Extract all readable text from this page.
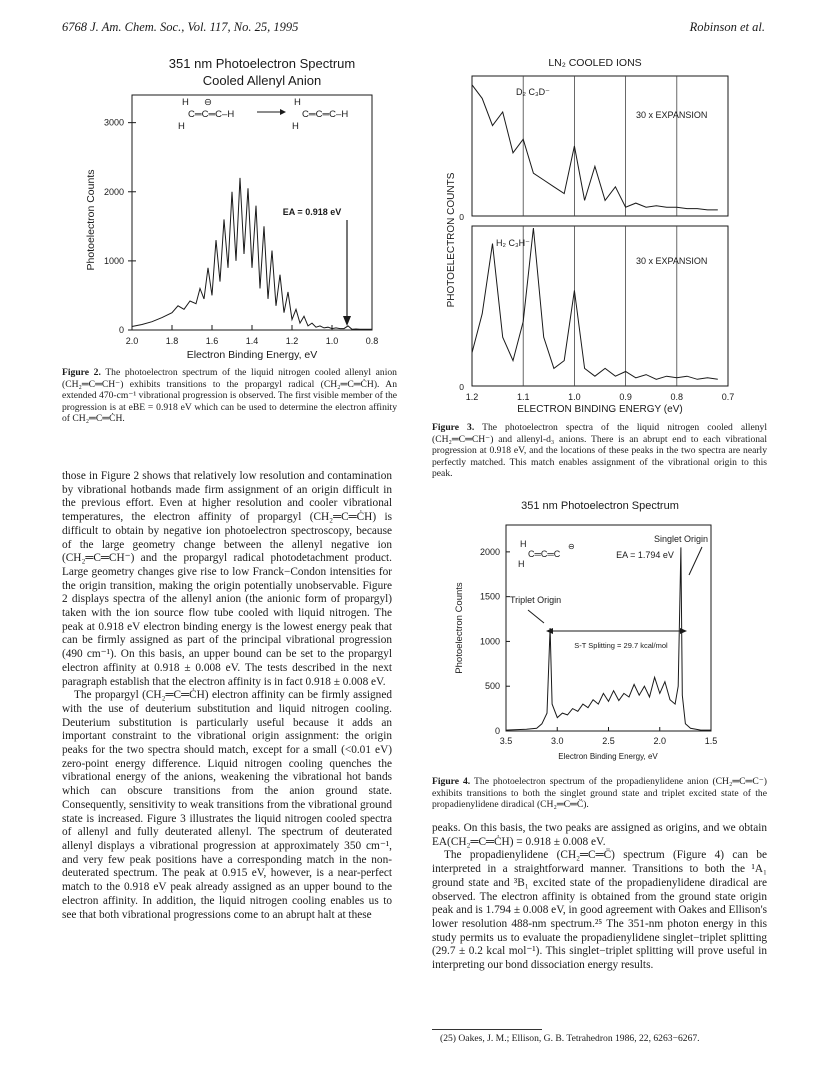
6768 J. Am. Chem. Soc., Vol. 117, No. 25, 1995	Robinson et al.
351 nm Photoelectron Spectrum
Cooled Allenyl Anion
H ⊖
C═C═C–H
H
H
C═C═C–H
H
2.0	1.8	1.6	1.4	1.2	1.0	0.8
0
1000
2000
3000
EA = 0.918 eV
Photoelectron Counts
Electron Binding Energy, eV
Figure 2. The photoelectron spectrum of the liquid nitrogen cooled allenyl anion (CH₂═C═CH⁻) exhibits transitions to the propargyl radical (CH₂═C═ĊH). An extended 470-cm⁻¹ vibrational progression is observed. The first visible member of the progression is at eBE = 0.918 eV which can be used to determine the electron affinity of CH₂═C═ĊH.

those in Figure 2 shows that relatively low resolution and contamination by vibrational hotbands made firm assignment of an origin difficult in the previous effort. Even at higher resolution and cooler vibrational temperatures, the electron affinity of propargyl (CH₂═C═ĊH) is difficult to obtain by negative ion photoelectron spectroscopy, because of the large geometry change between the allenyl negative ion (CH₂═C═CH⁻) and the propargyl radical photodetachment product. Large geometry changes give rise to low Franck−Condon intensities for the origin transition, making the origin potentially unobservable. Figure 2 displays spectra of the allenyl anion (the anionic form of propargyl) taken with the ion source flow tube cooled with liquid nitrogen. The peak at 0.918 eV electron binding energy is the lowest energy peak that can be firmly assigned as part of the principal vibrational progression (490 cm⁻¹). On this basis, an upper bound can be set to the propargyl electron affinity at 0.918 ± 0.008 eV. The tests described in the next paragraph establish that the electron affinity is in fact 0.918 ± 0.008 eV.

The propargyl (CH₂═C═ĊH) electron affinity can be firmly assigned with the use of deuterium substitution and liquid nitrogen cooling. Deuterium substitution is particularly useful because it adds an important constraint to the vibrational origin assignment: the origin peaks for the two spectra should match, except for a small (<0.01 eV) zero-point energy difference. Liquid nitrogen cooling quenches the vibrational energy of the anions, weakening the vibrational hot bands which can obscure transitions from the anion ground state. Consequently, sensitivity to weak transitions from the vibrational ground state is increased. Figure 3 illustrates the liquid nitrogen cooled spectra of allenyl and fully deuterated allenyl. The spectrum of deuterated allenyl displays a vibrational progression at approximately 350 cm⁻¹, and very few peak positions have a corresponding match in the non-deuterated spectrum. The peak at 0.915 eV, however, is a near-perfect match to the 0.918 eV peak already assigned as an upper bound to the electron affinity. In addition, the liquid nitrogen cooling enables us to see that both vibrational progressions come to an abrupt halt at these

LN₂ COOLED IONS
D₂ C₃D⁻
30 x EXPANSION
H₂ C₃H⁻
30 x EXPANSION
0
0
1.2	1.1	1.0	0.9	0.8	0.7
PHOTOELECTRON COUNTS
ELECTRON BINDING ENERGY (eV)
Figure 3. The photoelectron spectra of the liquid nitrogen cooled allenyl (CH₂═C═CH⁻) and allenyl-d₃ anions. There is an abrupt end to each vibrational progression at 0.918 eV, and the locations of these peaks in the two spectra are nearly perfectly matched. This match enables assignment of the vibrational origin to this peak.
351 nm Photoelectron Spectrum
H
C═C═C
H
⊖
Singlet Origin
EA = 1.794 eV
Triplet Origin
S-T Splitting = 29.7 kcal/mol
3.5	3.0	2.5	2.0	1.5
0
500
1000
1500
2000
Photoelectron Counts
Electron Binding Energy, eV
Figure 4. The photoelectron spectrum of the propadienylidene anion (CH₂═C═C⁻) exhibits transitions to both the singlet ground state and triplet excited state of the propadienylidene diradical (CH₂═C═C̈).

peaks. On this basis, the two peaks are assigned as origins, and we obtain EA(CH₂═C═ĊH) = 0.918 ± 0.008 eV.

The propadienylidene (CH₂═C═C̈) spectrum (Figure 4) can be interpreted in a straightforward manner. Transitions to both the ¹A₁ ground state and ³B₁ excited state of the propadienylidene diradical are observed. The electron affinity is obtained from the ground state origin peak and is 1.794 ± 0.008 eV, in good agreement with Oakes and Ellison's lower resolution 488-nm spectrum.²⁵ The 351-nm photon energy in this study permits us to evaluate the propadienylidene singlet−triplet splitting (29.7 ± 0.2 kcal mol⁻¹). This singlet−triplet splitting will prove useful in interpreting our bond dissociation energy results.

(25) Oakes, J. M.; Ellison, G. B. Tetrahedron 1986, 22, 6263−6267.
